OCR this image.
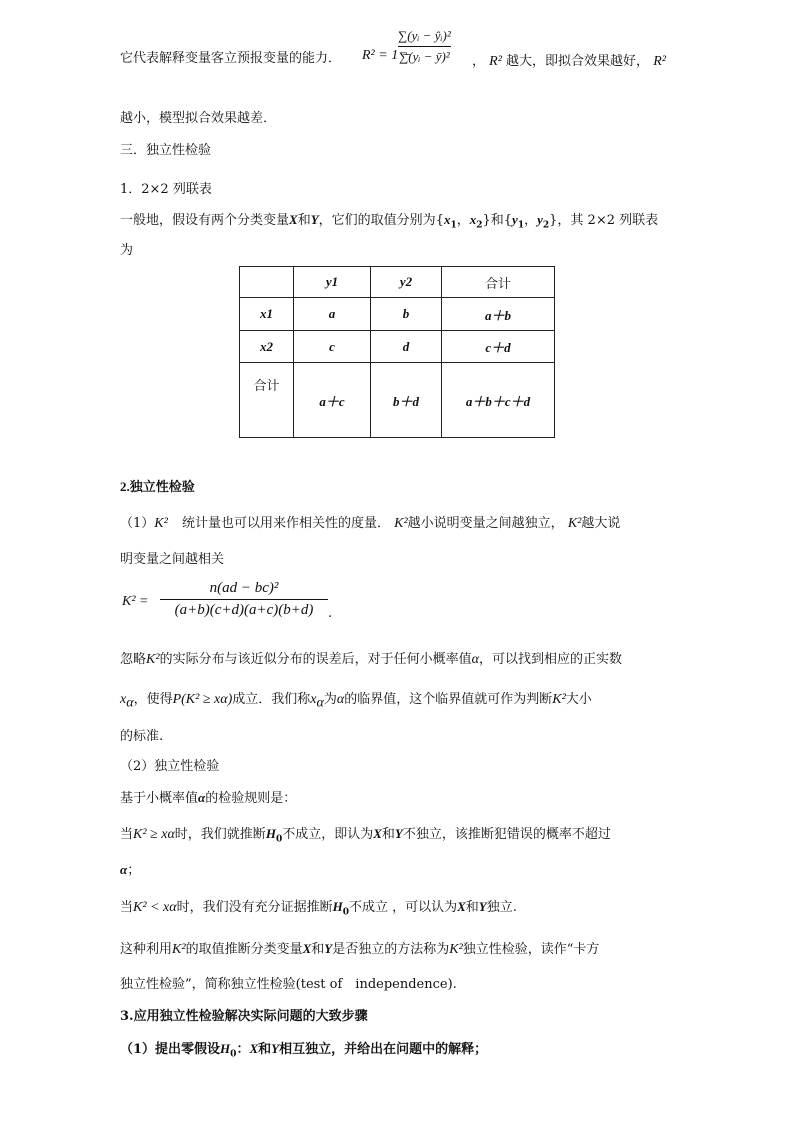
它代表解释变量客立预报变量的能力． R² = 1 −
∑(yᵢ − ŷᵢ)²
∑(yᵢ − ȳ)² ， R² 越大，即拟合效果越好， R²
越小，模型拟合效果越差．
三．独立性检验
1．2×2 列联表
一般地，假设有两个分类变量X和Y，它们的取值分别为{$x_1$，$x_2$}和{$y_1$，$y_2$}，其 2×2 列联表
为
	y1	y2	合计
x1	a	b	a＋b
x2	c	d	c＋d
合计	a＋c	b＋d	a＋b＋c＋d
2.独立性检验
（1）K² 统计量也可以用来作相关性的度量． K²越小说明变量之间越独立， K²越大说
明变量之间越相关
K² =
n(ad − bc)²
(a+b)(c+d)(a+c)(b+d)	.
忽略K²的实际分布与该近似分布的误差后，对于任何小概率值α，可以找到相应的正实数
$x_\alpha$，使得P(K² ≥ xα)成立．我们称$x_\alpha$为α的临界值，这个临界值就可作为判断K²大小
的标准.
（2）独立性检验
基于小概率值α的检验规则是：
当K² ≥ xα时，我们就推断$H_0$不成立，即认为X和Y不独立，该推断犯错误的概率不超过
α；
当K² < xα时，我们没有充分证据推断$H_0$不成立 ，可以认为X和Y独立.
这种利用K²的取值推断分类变量X和Y是否独立的方法称为K²独立性检验，读作“卡方
独立性检验”，简称独立性检验(test of　independence).
3.应用独立性检验解决实际问题的大致步骤
（1）提出零假设$H_0$：X和Y相互独立，并给出在问题中的解释；
